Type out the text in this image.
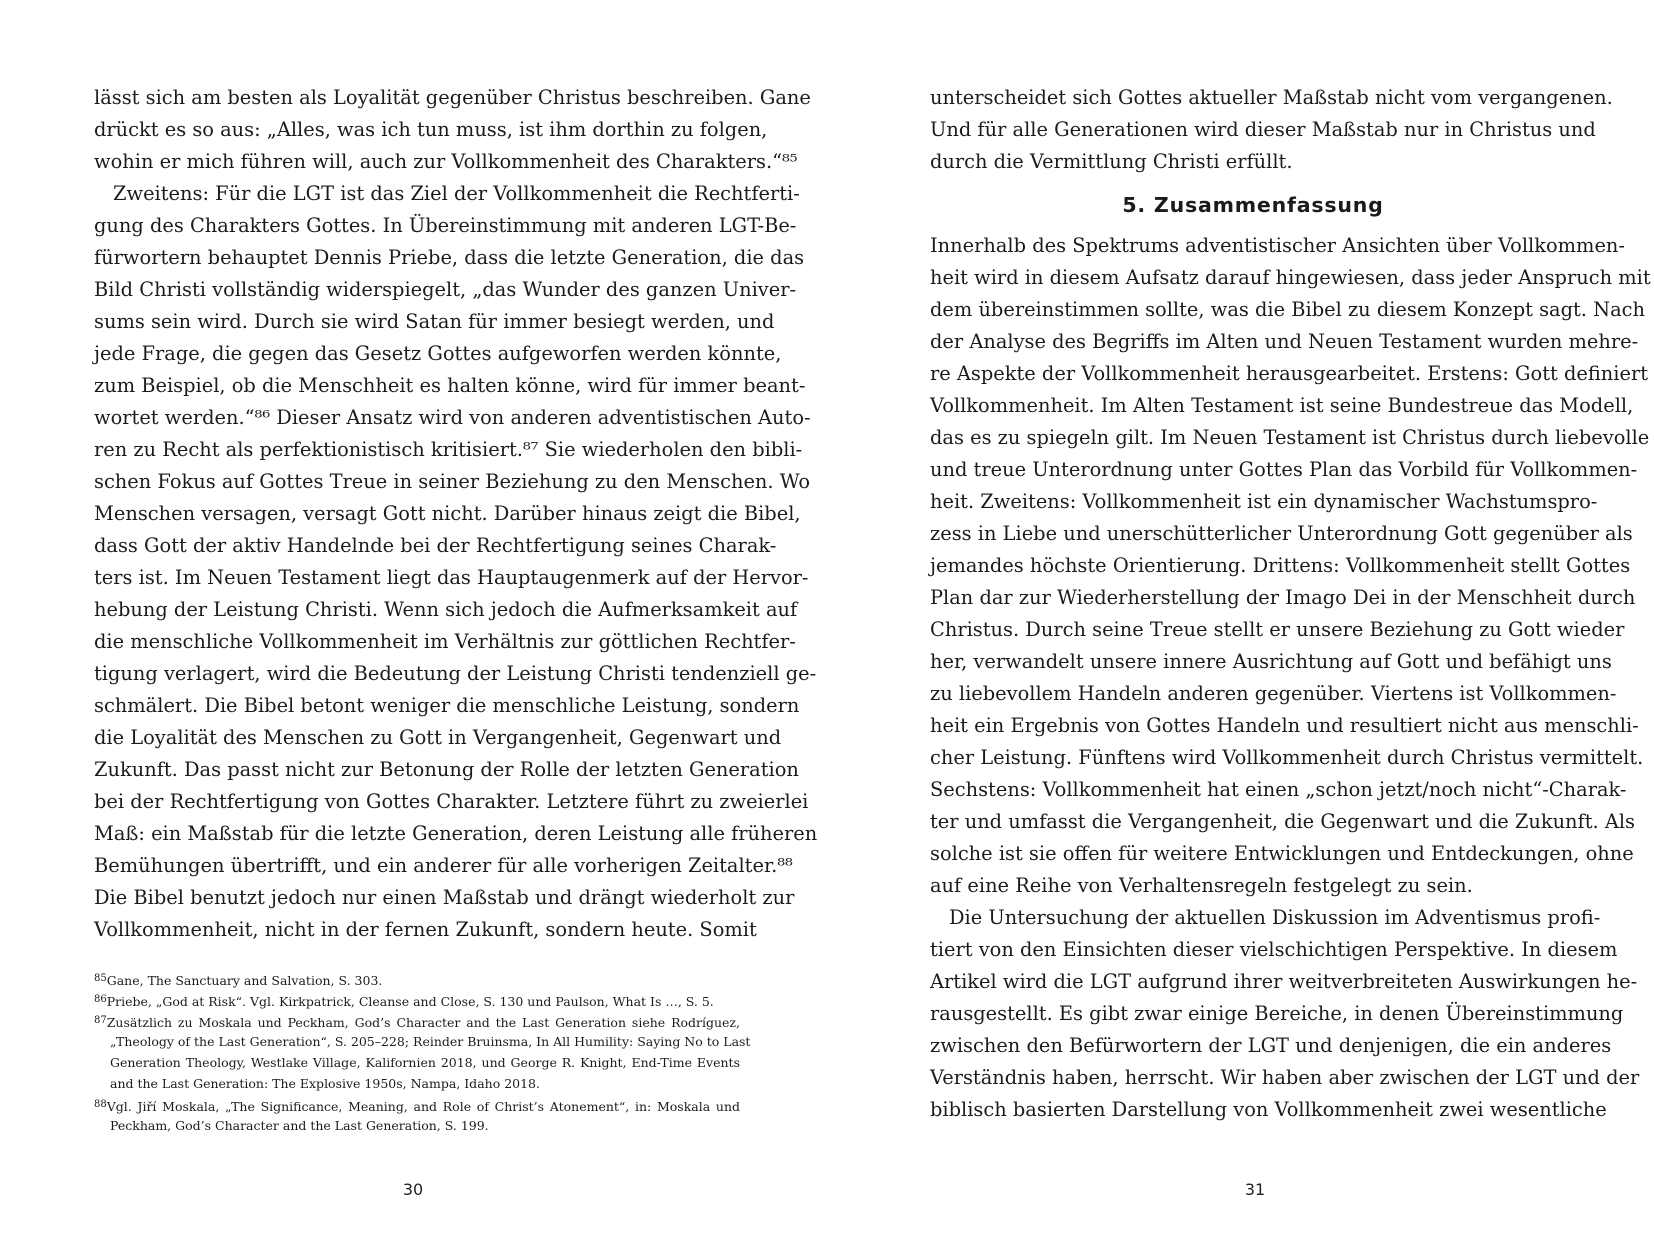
lässt sich am besten als Loyalität gegenüber Christus beschreiben. Gane
drückt es so aus: „Alles, was ich tun muss, ist ihm dorthin zu folgen,
wohin er mich führen will, auch zur Vollkommenheit des Charakters.“⁸⁵
Zweitens: Für die LGT ist das Ziel der Vollkommenheit die Rechtferti-
gung des Charakters Gottes. In Übereinstimmung mit anderen LGT-Be-
fürwortern behauptet Dennis Priebe, dass die letzte Generation, die das
Bild Christi vollständig widerspiegelt, „das Wunder des ganzen Univer-
sums sein wird. Durch sie wird Satan für immer besiegt werden, und
jede Frage, die gegen das Gesetz Gottes aufgeworfen werden könnte,
zum Beispiel, ob die Menschheit es halten könne, wird für immer beant-
wortet werden.“⁸⁶ Dieser Ansatz wird von anderen adventistischen Auto-
ren zu Recht als perfektionistisch kritisiert.⁸⁷ Sie wiederholen den bibli-
schen Fokus auf Gottes Treue in seiner Beziehung zu den Menschen. Wo
Menschen versagen, versagt Gott nicht. Darüber hinaus zeigt die Bibel,
dass Gott der aktiv Handelnde bei der Rechtfertigung seines Charak-
ters ist. Im Neuen Testament liegt das Hauptaugenmerk auf der Hervor-
hebung der Leistung Christi. Wenn sich jedoch die Aufmerksamkeit auf
die menschliche Vollkommenheit im Verhältnis zur göttlichen Rechtfer-
tigung verlagert, wird die Bedeutung der Leistung Christi tendenziell ge-
schmälert. Die Bibel betont weniger die menschliche Leistung, sondern
die Loyalität des Menschen zu Gott in Vergangenheit, Gegenwart und
Zukunft. Das passt nicht zur Betonung der Rolle der letzten Generation
bei der Rechtfertigung von Gottes Charakter. Letztere führt zu zweierlei
Maß: ein Maßstab für die letzte Generation, deren Leistung alle früheren
Bemühungen übertrifft, und ein anderer für alle vorherigen Zeitalter.⁸⁸
Die Bibel benutzt jedoch nur einen Maßstab und drängt wiederholt zur
Vollkommenheit, nicht in der fernen Zukunft, sondern heute. Somit
$^{85}$Gane, The Sanctuary and Salvation, S. 303.
$^{86}$Priebe, „God at Risk“. Vgl. Kirkpatrick, Cleanse and Close, S. 130 und Paulson, What Is …, S. 5.
$^{87}$Zusätzlich zu Moskala und Peckham, God’s Character and the Last Generation siehe Rodríguez,
„Theology of the Last Generation“, S. 205–228; Reinder Bruinsma, In All Humility: Saying No to Last
Generation Theology, Westlake Village, Kalifornien 2018, und George R. Knight, End-Time Events
and the Last Generation: The Explosive 1950s, Nampa, Idaho 2018.
$^{88}$Vgl. Jiří Moskala, „The Significance, Meaning, and Role of Christ’s Atonement“, in: Moskala und
Peckham, God’s Character and the Last Generation, S. 199.
30
unterscheidet sich Gottes aktueller Maßstab nicht vom vergangenen.
Und für alle Generationen wird dieser Maßstab nur in Christus und
durch die Vermittlung Christi erfüllt.
5. Zusammenfassung
Innerhalb des Spektrums adventistischer Ansichten über Vollkommen-
heit wird in diesem Aufsatz darauf hingewiesen, dass jeder Anspruch mit
dem übereinstimmen sollte, was die Bibel zu diesem Konzept sagt. Nach
der Analyse des Begriffs im Alten und Neuen Testament wurden mehre-
re Aspekte der Vollkommenheit herausgearbeitet. Erstens: Gott definiert
Vollkommenheit. Im Alten Testament ist seine Bundestreue das Modell,
das es zu spiegeln gilt. Im Neuen Testament ist Christus durch liebevolle
und treue Unterordnung unter Gottes Plan das Vorbild für Vollkommen-
heit. Zweitens: Vollkommenheit ist ein dynamischer Wachstumspro-
zess in Liebe und unerschütterlicher Unterordnung Gott gegenüber als
jemandes höchste Orientierung. Drittens: Vollkommenheit stellt Gottes
Plan dar zur Wiederherstellung der Imago Dei in der Menschheit durch
Christus. Durch seine Treue stellt er unsere Beziehung zu Gott wieder
her, verwandelt unsere innere Ausrichtung auf Gott und befähigt uns
zu liebevollem Handeln anderen gegenüber. Viertens ist Vollkommen-
heit ein Ergebnis von Gottes Handeln und resultiert nicht aus menschli-
cher Leistung. Fünftens wird Vollkommenheit durch Christus vermittelt.
Sechstens: Vollkommenheit hat einen „schon jetzt/noch nicht“-Charak-
ter und umfasst die Vergangenheit, die Gegenwart und die Zukunft. Als
solche ist sie offen für weitere Entwicklungen und Entdeckungen, ohne
auf eine Reihe von Verhaltensregeln festgelegt zu sein.
Die Untersuchung der aktuellen Diskussion im Adventismus profi-
tiert von den Einsichten dieser vielschichtigen Perspektive. In diesem
Artikel wird die LGT aufgrund ihrer weitverbreiteten Auswirkungen he-
rausgestellt. Es gibt zwar einige Bereiche, in denen Übereinstimmung
zwischen den Befürwortern der LGT und denjenigen, die ein anderes
Verständnis haben, herrscht. Wir haben aber zwischen der LGT und der
biblisch basierten Darstellung von Vollkommenheit zwei wesentliche
31
